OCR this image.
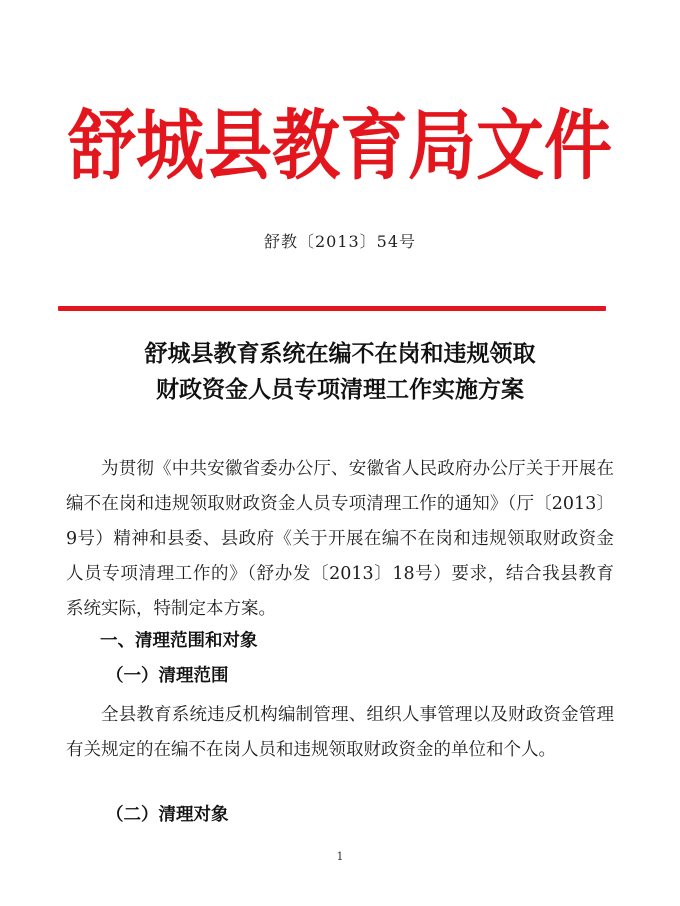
舒城县教育局文件
舒教〔2013〕54号
舒城县教育系统在编不在岗和违规领取
财政资金人员专项清理工作实施方案

为贯彻《中共安徽省委办公厅、安徽省人民政府办公厅关于开展在编不在岗和违规领取财政资金人员专项清理工作的通知》（厅〔2013〕9号）精神和县委、县政府《关于开展在编不在岗和违规领取财政资金人员专项清理工作的》（舒办发〔2013〕18号）要求，结合我县教育系统实际，特制定本方案。

一、清理范围和对象
（一）清理范围

全县教育系统违反机构编制管理、组织人事管理以及财政资金管理有关规定的在编不在岗人员和违规领取财政资金的单位和个人。

（二）清理对象
1
